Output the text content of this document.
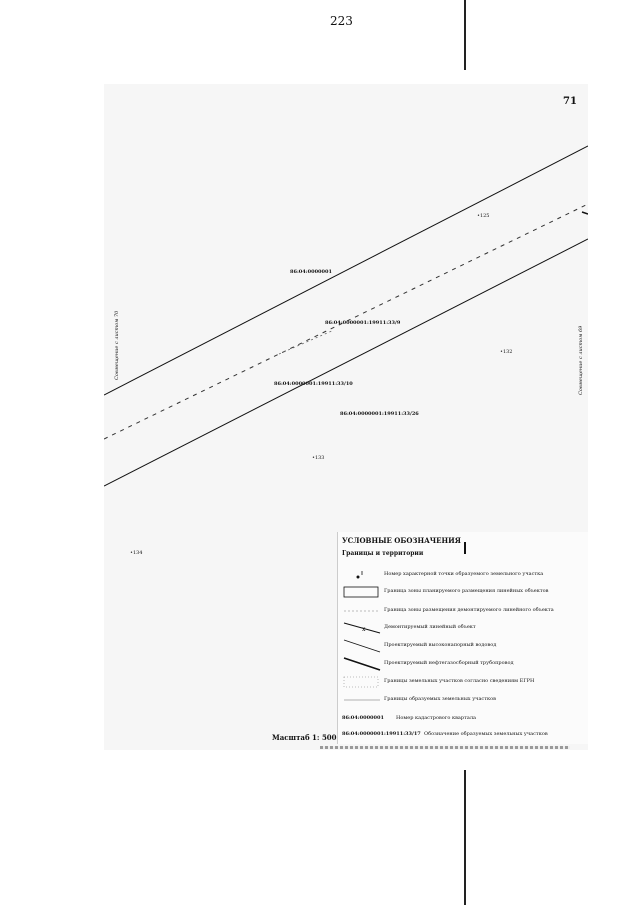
223
71
86:04:0000001
86:04:0000001:19911:33/9
86:04:0000001:19911:33/10
86:04:0000001:19911:33/26
•125
•132
•133
•134
Совмещение с листом 70	Совмещение с листом 69
УСЛОВНЫЕ ОБОЗНАЧЕНИЯ
Границы и территории
Номер характерной точки образуемого земельного участка
Граница зоны планируемого размещения линейных объектов
Граница зоны размещения демонтируемого линейного объекта
x	Демонтируемый линейный объект
Проектируемый высоконапорный водовод
Проектируемый нефтегазосборный трубопровод
Границы земельных участков согласно сведениям ЕГРН
Границы образуемых земельных участков
86:04:0000001 Номер кадастрового квартала
86:04:0000001:19911:33/17 Обозначение образуемых земельных участков
Масштаб 1: 500
